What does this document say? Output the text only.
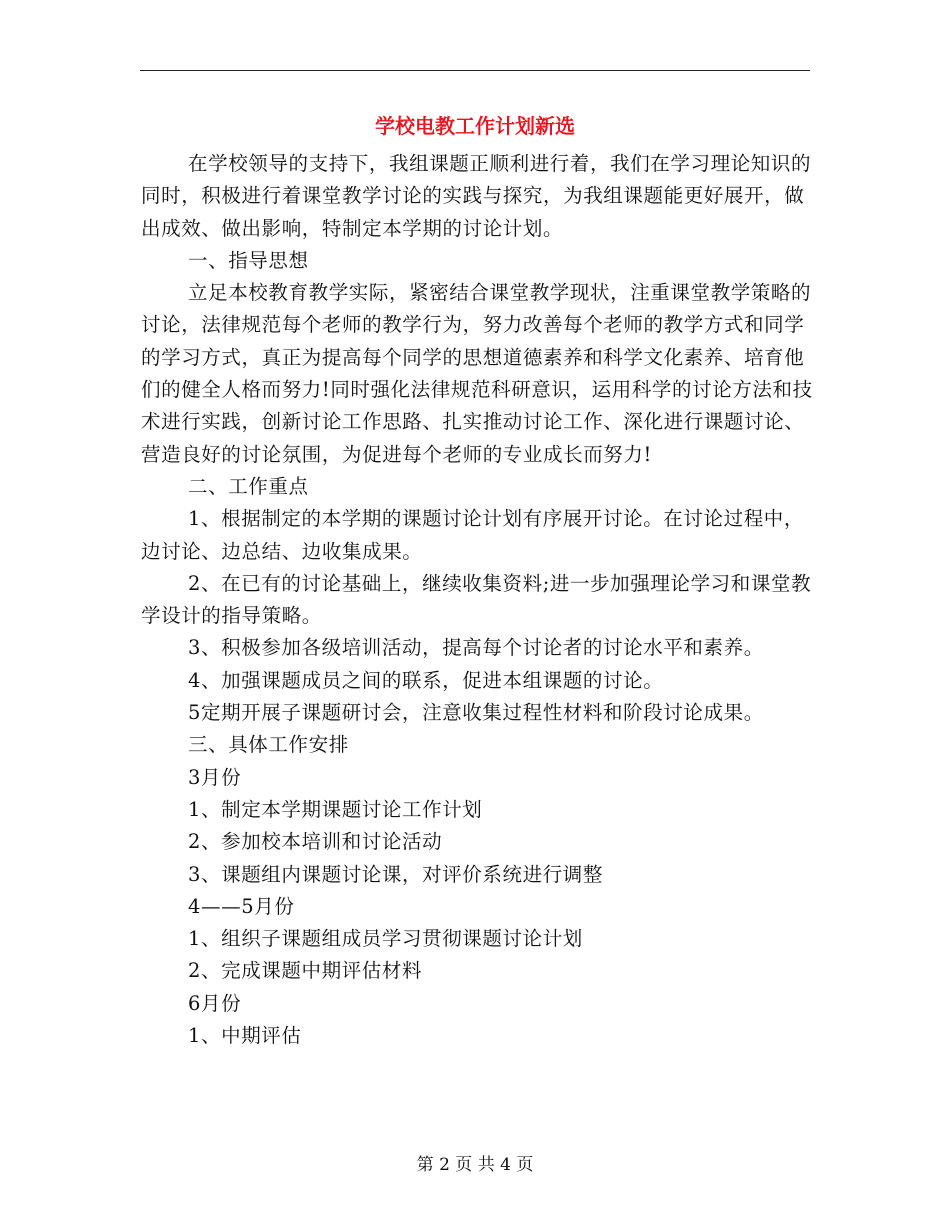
学校电教工作计划新选

在学校领导的支持下，我组课题正顺利进行着，我们在学习理论知识的同时，积极进行着课堂教学讨论的实践与探究，为我组课题能更好展开，做出成效、做出影响，特制定本学期的讨论计划。

一、指导思想

立足本校教育教学实际，紧密结合课堂教学现状，注重课堂教学策略的讨论，法律规范每个老师的教学行为，努力改善每个老师的教学方式和同学的学习方式，真正为提高每个同学的思想道德素养和科学文化素养、培育他们的健全人格而努力!同时强化法律规范科研意识，运用科学的讨论方法和技术进行实践，创新讨论工作思路、扎实推动讨论工作、深化进行课题讨论、营造良好的讨论氛围，为促进每个老师的专业成长而努力!

二、工作重点

1、根据制定的本学期的课题讨论计划有序展开讨论。在讨论过程中，边讨论、边总结、边收集成果。

2、在已有的讨论基础上，继续收集资料;进一步加强理论学习和课堂教学设计的指导策略。

3、积极参加各级培训活动，提高每个讨论者的讨论水平和素养。

4、加强课题成员之间的联系，促进本组课题的讨论。

5定期开展子课题研讨会，注意收集过程性材料和阶段讨论成果。

三、具体工作安排

3月份

1、制定本学期课题讨论工作计划

2、参加校本培训和讨论活动

3、课题组内课题讨论课，对评价系统进行调整

4——5月份

1、组织子课题组成员学习贯彻课题讨论计划

2、完成课题中期评估材料

6月份

1、中期评估

第 2 页 共 4 页
